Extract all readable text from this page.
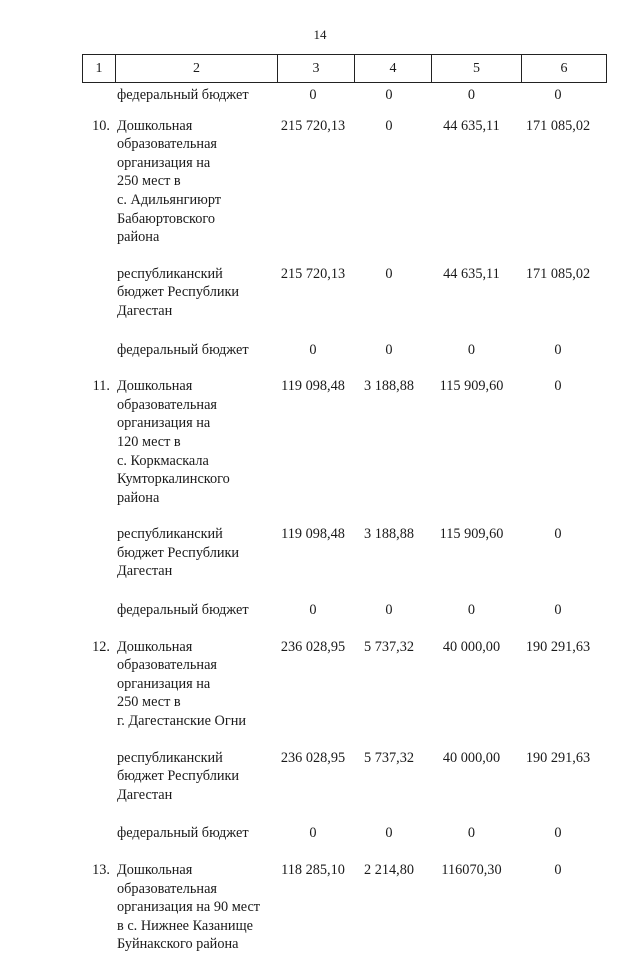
14
1	2	3	4	5	6
федеральный бюджет	0	0	0	0
10. Дошкольная
образовательная
организация на
250 мест в
с. Адильянгиюрт
Бабаюртовского
района
215 720,13	0	44 635,11	171 085,02
республиканский
бюджет Республики
Дагестан
215 720,13	0	44 635,11	171 085,02
федеральный бюджет	0	0	0	0
11. Дошкольная
образовательная
организация на
120 мест в
с. Коркмаскала
Кумторкалинского
района
119 098,48	3 188,88	115 909,60	0
республиканский
бюджет Республики
Дагестан
119 098,48	3 188,88	115 909,60	0
федеральный бюджет	0	0	0	0
12. Дошкольная
образовательная
организация на
250 мест в
г. Дагестанские Огни
236 028,95	5 737,32	40 000,00	190 291,63
республиканский
бюджет Республики
Дагестан
236 028,95	5 737,32	40 000,00	190 291,63
федеральный бюджет	0	0	0	0
13. Дошкольная
образовательная
организация на 90 мест
в с. Нижнее Казанище
Буйнакского района
118 285,10	2 214,80	116070,30	0
